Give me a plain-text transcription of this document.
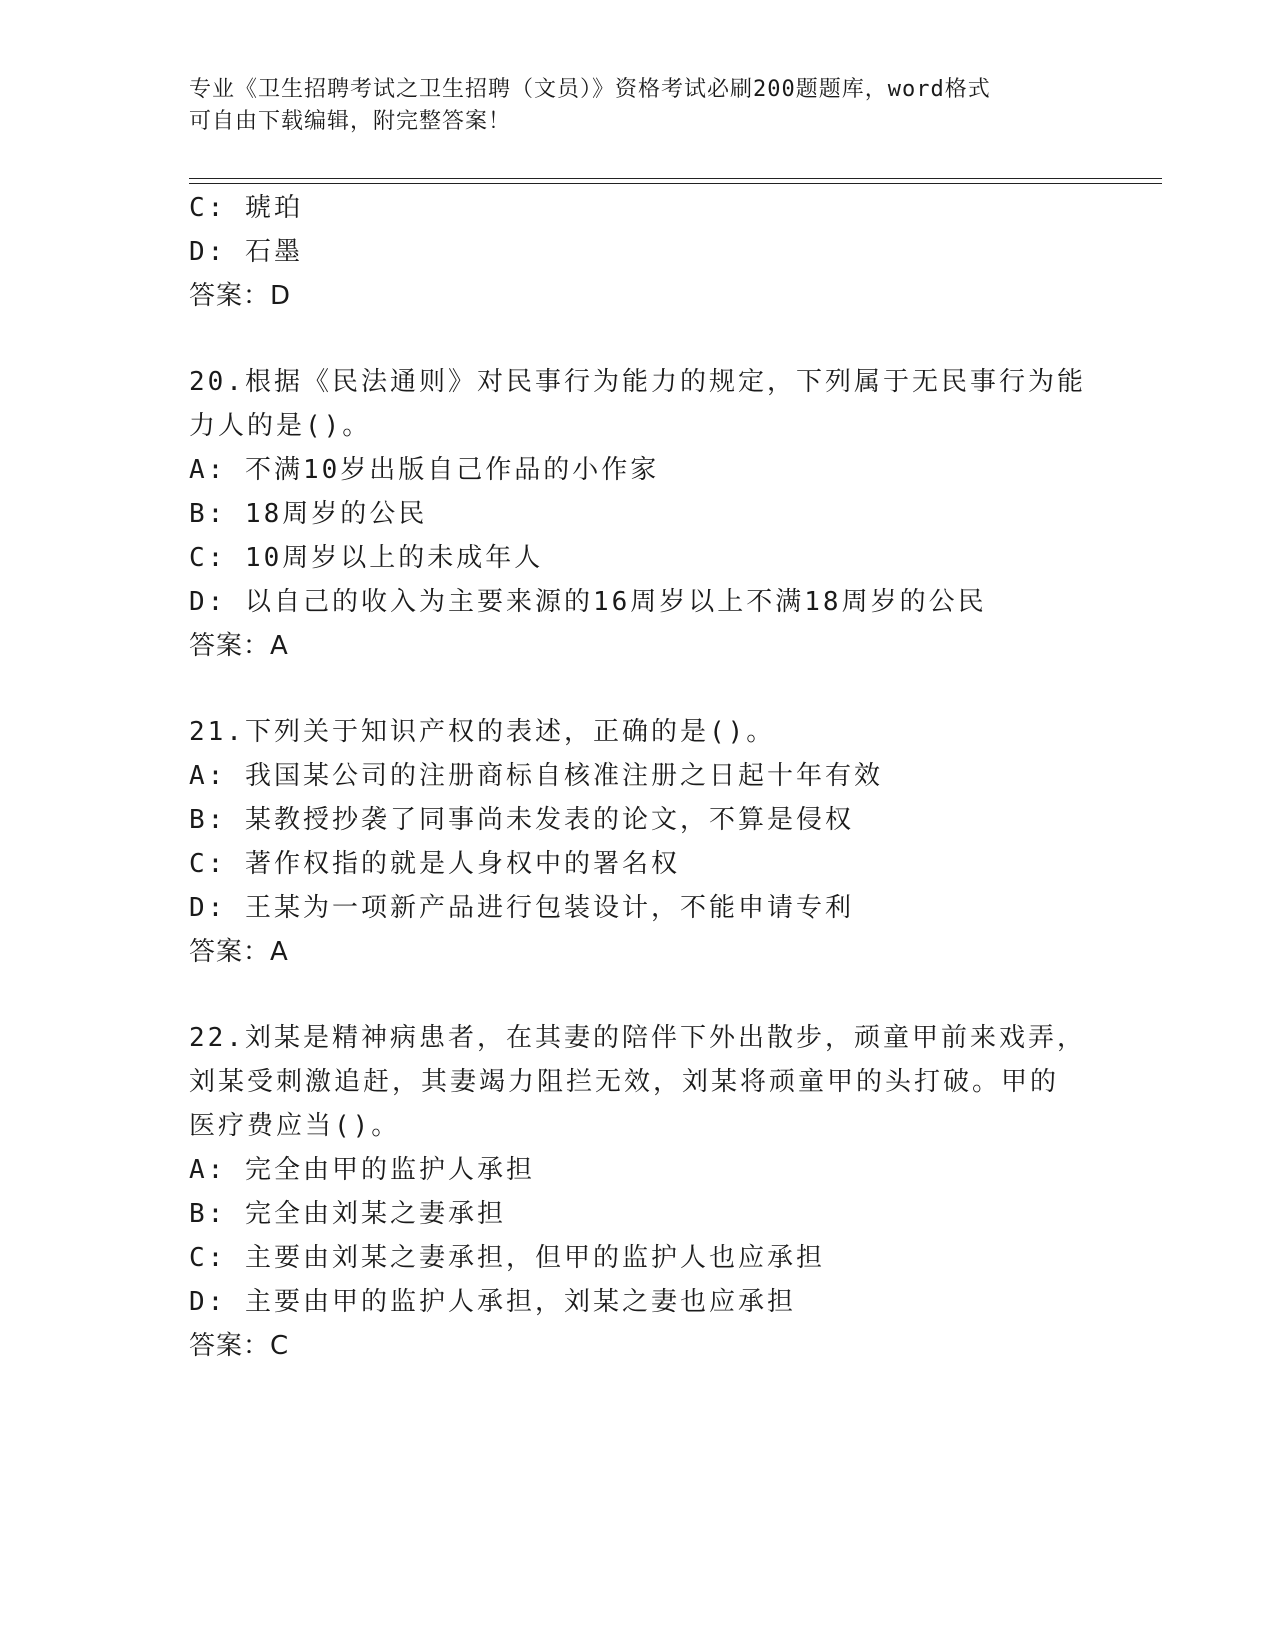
专业《卫生招聘考试之卫生招聘（文员）》资格考试必刷200题题库，word格式
可自由下载编辑，附完整答案！
C: 琥珀
D: 石墨
答案：D
20.根据《民法通则》对民事行为能力的规定，下列属于无民事行为能
力人的是()。
A: 不满10岁出版自己作品的小作家
B: 18周岁的公民
C: 10周岁以上的未成年人
D: 以自己的收入为主要来源的16周岁以上不满18周岁的公民
答案：A
21.下列关于知识产权的表述，正确的是()。
A: 我国某公司的注册商标自核准注册之日起十年有效
B: 某教授抄袭了同事尚未发表的论文，不算是侵权
C: 著作权指的就是人身权中的署名权
D: 王某为一项新产品进行包装设计，不能申请专利
答案：A
22.刘某是精神病患者，在其妻的陪伴下外出散步，顽童甲前来戏弄，
刘某受刺激追赶，其妻竭力阻拦无效，刘某将顽童甲的头打破。甲的
医疗费应当()。
A: 完全由甲的监护人承担
B: 完全由刘某之妻承担
C: 主要由刘某之妻承担，但甲的监护人也应承担
D: 主要由甲的监护人承担，刘某之妻也应承担
答案：C
